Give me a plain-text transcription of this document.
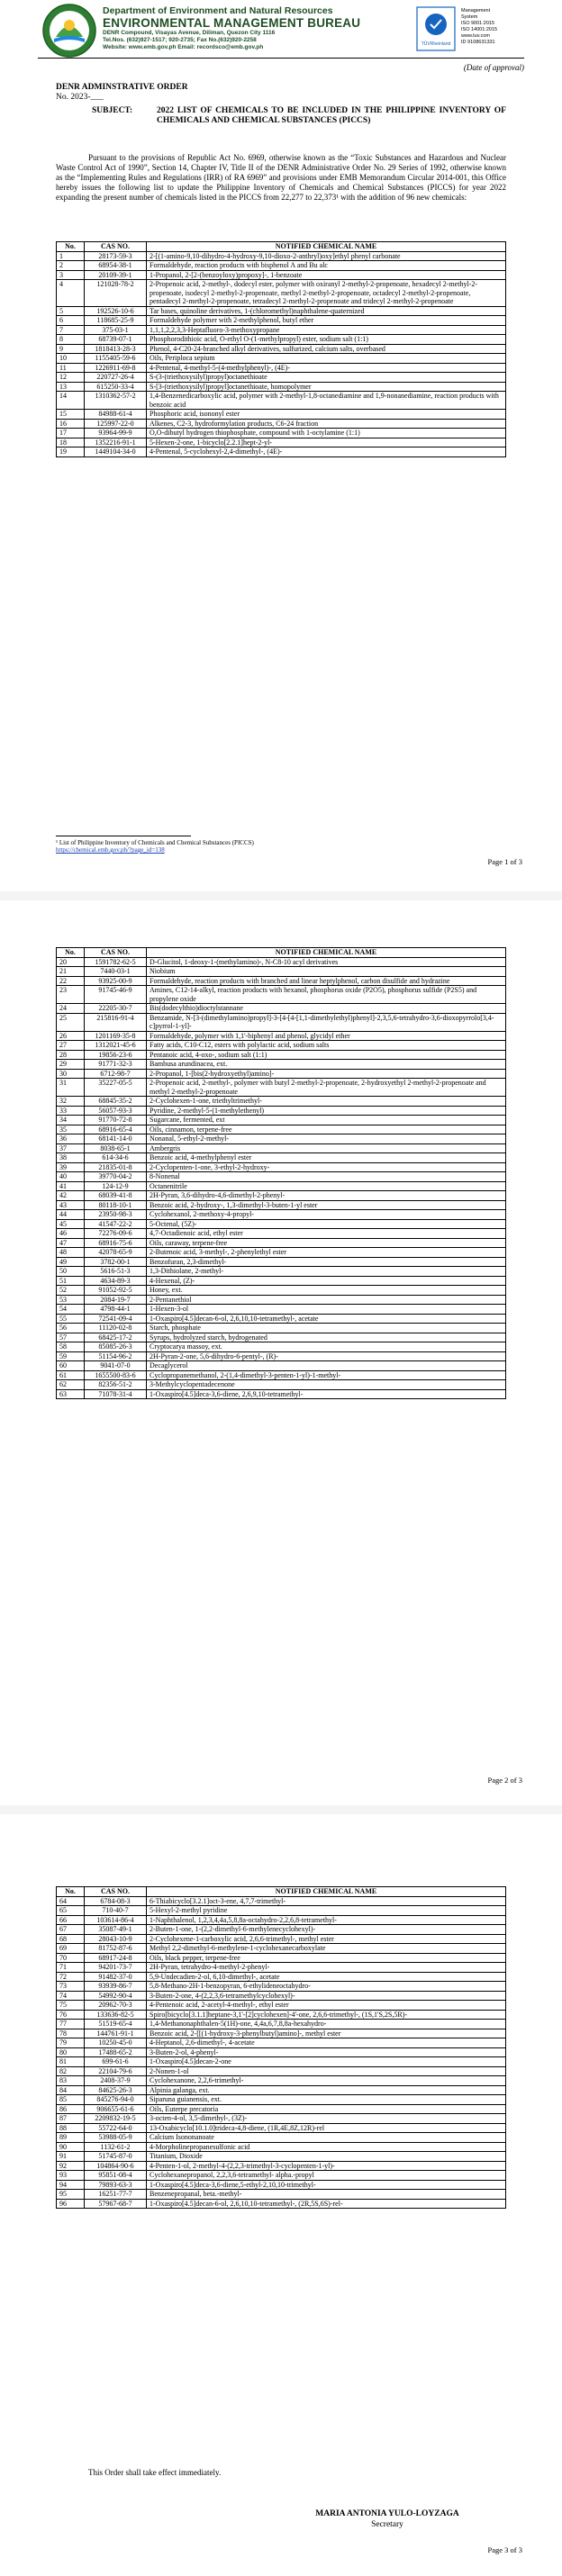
Department of Environment and Natural Resources
ENVIRONMENTAL MANAGEMENT BUREAU
DENR Compound, Visayas Avenue, Diliman, Quezon City 1116
Tel.Nos. (632)927-1517; 920-2735; Fax No.(632)920-2258
Website: www.emb.gov.ph Email: recordsco@emb.gov.ph	TÜVRheinland
Management
System
ISO 9001:2015
ISO 14001:2015
www.tuv.com
ID 9108631331
(Date of approval)
DENR ADMINSTRATIVE ORDER
No. 2023-___
SUBJECT:	2022 LIST OF CHEMICALS TO BE INCLUDED IN THE PHILIPPINE INVENTORY OF CHEMICALS AND CHEMICAL SUBSTANCES (PICCS)
Pursuant to the provisions of Republic Act No. 6969, otherwise known as the “Toxic Substances and Hazardous and Nuclear Waste Control Act of 1990”, Section 14, Chapter IV, Title II of the DENR Administrative Order No. 29 Series of 1992, otherwise known as the “Implementing Rules and Regulations (IRR) of RA 6969” and provisions under EMB Memorandum Circular 2014-001, this Office hereby issues the following list to update the Philippine Inventory of Chemicals and Chemical Substances (PICCS) for year 2022 expanding the present number of chemicals listed in the PICCS from 22,277 to 22,373¹ with the addition of 96 new chemicals:
No.	CAS NO.	NOTIFIED CHEMICAL NAME
1	28173-59-3	2-[(1-amino-9,10-dihydro-4-hydroxy-9,10-dioxo-2-anthryl)oxy]ethyl phenyl carbonate
2	68954-38-1	Formaldehyde, reaction products with bisphenol A and Bu alc
3	20109-39-1	1-Propanol, 2-[2-(benzoyloxy)propoxy]-, 1-benzoate
4	121028-78-2	2-Propenoic acid, 2-methyl-, dodecyl ester, polymer with oxiranyl 2-methyl-2-propenoate, hexadecyl 2-methyl-2-propenoate, isodecyl 2-methyl-2-propenoate, methyl 2-methyl-2-propenoate, octadecyl 2-methyl-2-propenoate, pentadecyl 2-methyl-2-propenoate, tetradecyl 2-methyl-2-propenoate and tridecyl 2-methyl-2-propenoate
5	192526-10-6	Tar bases, quinoline derivatives, 1-(chloromethyl)naphthalene-quaternized
6	118685-25-9	Formaldehyde polymer with 2-methylphenol, butyl ether
7	375-03-1	1,1,1,2,2,3,3-Heptafluoro-3-methoxypropane
8	68739-07-1	Phosphorodithioic acid, O-ethyl O-(1-methylpropyl) ester, sodium salt (1:1)
9	1818413-28-3	Phenol, 4-C20-24-branched alkyl derivatives, sulfurized, calcium salts, overbased
10	1155405-59-6	Oils, Periploca sepium
11	1226911-69-8	4-Pentenal, 4-methyl-5-(4-methylphenyl)-, (4E)-
12	220727-26-4	S-(3-(triethoxysilyl)propyl)octanethioate
13	615250-33-4	S-[3-(triethoxysilyl)propyl]octanethioate, homopolymer
14	1310362-57-2	1,4-Benzenedicarboxylic acid, polymer with 2-methyl-1,8-octanediamine and 1,9-nonanediamine, reaction products with benzoic acid
15	84988-61-4	Phosphoric acid, isononyl ester
16	125997-22-0	Alkenes, C2-3, hydroformylation products, C6-24 fraction
17	93964-99-9	O,O-dibutyl hydrogen thiophosphate, compound with 1-octylamine (1:1)
18	1352216-91-1	5-Hexen-2-one, 1-bicyclo[2.2.1]hept-2-yl-
19	1449104-34-0	4-Pentenal, 5-cyclohexyl-2,4-dimethyl-, (4E)-
¹ List of Philippine Inventory of Chemicals and Chemical Substances (PICCS)
https://chemical.emb.gov.ph/?page_id=138
Page 1 of 3
No.	CAS NO.	NOTIFIED CHEMICAL NAME
20	1591782-62-5	D-Glucitol, 1-deoxy-1-(methylamino)-, N-C8-10 acyl derivatives
21	7440-03-1	Niobium
22	93925-00-9	Formaldehyde, reaction products with branched and linear heptylphenol, carbon disulfide and hydrazine
23	91745-46-9	Amines, C12-14-alkyl, reaction products with hexanol, phosphorus oxide (P2O5), phosphorus sulfide (P2S5) and propylene oxide
24	22205-30-7	Bis(dodecylthio)dioctylstannane
25	215816-91-4	Benzamide, N-[3-(dimethylamino)propyl]-3-[4-[4-[1,1-dimethylethyl)phenyl]-2,3,5,6-tetrahydro-3,6-dioxopyrrolo[3,4-c]pyrrol-1-yl]-
26	1201169-35-8	Formaldehyde, polymer with 1,1'-biphenyl and phenol, glycidyl ether
27	1312021-45-6	Fatty acids, C10-C12, esters with polylactic acid, sodium salts
28	19856-23-6	Pentanoic acid, 4-oxo-, sodium salt (1:1)
29	91771-32-3	Bambusa arundinacea, ext.
30	6712-98-7	2-Propanol, 1-[bis(2-hydroxyethyl)amino]-
31	35227-05-5	2-Propenoic acid, 2-methyl-, polymer with butyl 2-methyl-2-propenoate, 2-hydroxyethyl 2-methyl-2-propenoate and methyl 2-methyl-2-propenoate
32	68845-35-2	2-Cyclohexen-1-one, triethyltrimethyl-
33	56057-93-3	Pyridine, 2-methyl-5-(1-methylethenyl)
34	91770-72-8	Sugarcane, fermented, ext
35	68916-65-4	Oils, cinnamon, terpene-free
36	68141-14-0	Nonanal, 5-ethyl-2-methyl-
37	8038-65-1	Ambergris
38	614-34-6	Benzoic acid, 4-methylphenyl ester
39	21835-01-8	2-Cyclopenten-1-one, 3-ethyl-2-hydroxy-
40	39770-04-2	8-Nonenal
41	124-12-9	Octanenitrile
42	68039-41-8	2H-Pyran, 3,6-dihydro-4,6-dimethyl-2-phenyl-
43	80118-10-1	Benzoic acid, 2-hydroxy-, 1,3-dimethyl-3-buten-1-yl ester
44	23950-98-3	Cyclohexanol, 2-methoxy-4-propyl-
45	41547-22-2	5-Octenal, (5Z)-
46	72276-09-6	4,7-Octadienoic acid, ethyl ester
47	68916-75-6	Oils, caraway, terpene-free
48	42078-65-9	2-Butenoic acid, 3-methyl-, 2-phenylethyl ester
49	3782-00-1	Benzofuran, 2,3-dimethyl-
50	5616-51-3	1,3-Dithiolane, 2-methyl-
51	4634-89-3	4-Hexenal, (Z)-
52	91052-92-5	Honey, ext.
53	2084-19-7	2-Pentanethiol
54	4798-44-1	1-Hexen-3-ol
55	72541-09-4	1-Oxaspiro[4.5]decan-6-ol, 2,6,10,10-tetramethyl-, acetate
56	11120-02-8	Starch, phosphate
57	68425-17-2	Syrups, hydrolyzed starch, hydrogenated
58	85085-26-3	Cryptocarya massoy, ext.
59	51154-96-2	2H-Pyran-2-one, 5,6-dihydro-6-pentyl-, (R)-
60	9041-07-0	Decaglycerol
61	1655500-83-6	Cyclopropanemethanol, 2-(1,4-dimethyl-3-penten-1-yl)-1-methyl-
62	82356-51-2	3-Methylcyclopentadecenone
63	71078-31-4	1-Oxaspiro[4.5]deca-3,6-diene, 2,6,9,10-tetramethyl-
Page 2 of 3
No.	CAS NO.	NOTIFIED CHEMICAL NAME
64	6784-08-3	6-Thiabicyclo[3.2.1]oct-3-ene, 4,7,7-trimethyl-
65	710-40-7	5-Hexyl-2-methyl pyridine
66	103614-86-4	1-Naphthalenol, 1,2,3,4,4a,5,8,8a-octahydro-2,2,6,8-tetramethyl-
67	35087-49-1	2-Buten-1-one, 1-(2,2-dimethyl-6-methylenecyclohexyl)-
68	28043-10-9	2-Cyclohexene-1-carboxylic acid, 2,6,6-trimethyl-, methyl ester
69	81752-87-6	Methyl 2,2-dimethyl-6-methylene-1-cyclohexanecarboxylate
70	68917-24-8	Oils, black pepper, terpene-free
71	94201-73-7	2H-Pyran, tetrahydro-4-methyl-2-phenyl-
72	91482-37-0	5,9-Undecadien-2-ol, 6,10-dimethyl-, acetate
73	93939-86-7	5,8-Methano-2H-1-benzopyran, 6-ethylideneoctahydro-
74	54992-90-4	3-Buten-2-one, 4-(2,2,3,6-tetramethylcyclohexyl)-
75	20962-70-3	4-Pentenoic acid, 2-acetyl-4-methyl-, ethyl ester
76	133636-82-5	Spiro[bicyclo[3.1.1]heptane-3,1'-[2]cyclohexen]-4'-one, 2,6,6-trimethyl-, (1S,1'S,2S,5R)-
77	51519-65-4	1,4-Methanonaphthalen-5(1H)-one, 4,4a,6,7,8,8a-hexahydro-
78	144761-91-1	Benzoic acid, 2-[[(1-hydroxy-3-phenylbutyl)amino]-, methyl ester
79	10250-45-0	4-Heptanol, 2,6-dimethyl-, 4-acetate
80	17488-65-2	3-Buten-2-ol, 4-phenyl-
81	699-61-6	1-Oxaspiro[4.5]decan-2-one
82	22104-79-6	2-Nonen-1-ol
83	2408-37-9	Cyclohexanone, 2,2,6-trimethyl-
84	84625-26-3	Alpinia galanga, ext.
85	845276-94-0	Siparuna guianensis, ext.
86	906655-61-6	Oils, Euterpe precatoria
87	2209832-19-5	3-octen-4-ol, 3,5-dimethyl-, (3Z)-
88	55722-64-0	13-Oxabicyclo[10.1.0]trideca-4,8-diene, (1R,4E,8Z,12R)-rel
89	53988-05-9	Calcium Isononanoate
90	1132-61-2	4-Morpholinepropanesulfonic acid
91	51745-87-0	Titanium, Dioxide
92	104864-90-6	4-Penten-1-ol, 2-methyl-4-(2,2,3-trimethyl-3-cyclopenten-1-yl)-
93	95851-08-4	Cyclohexanepropanol, 2,2,3,6-tetramethyl- alpha.-propyl
94	79893-63-3	1-Oxaspiro[4.5]deca-3,6-diene,5-ethyl-2,10,10-trimethyl-
95	16251-77-7	Benzenepropanal, beta.-methyl-
96	57967-68-7	1-Oxaspiro[4.5]decan-6-ol, 2,6,10,10-tetramethyl-, (2R,5S,6S)-rel-
This Order shall take effect immediately.
MARIA ANTONIA YULO-LOYZAGA
Secretary
Page 3 of 3
